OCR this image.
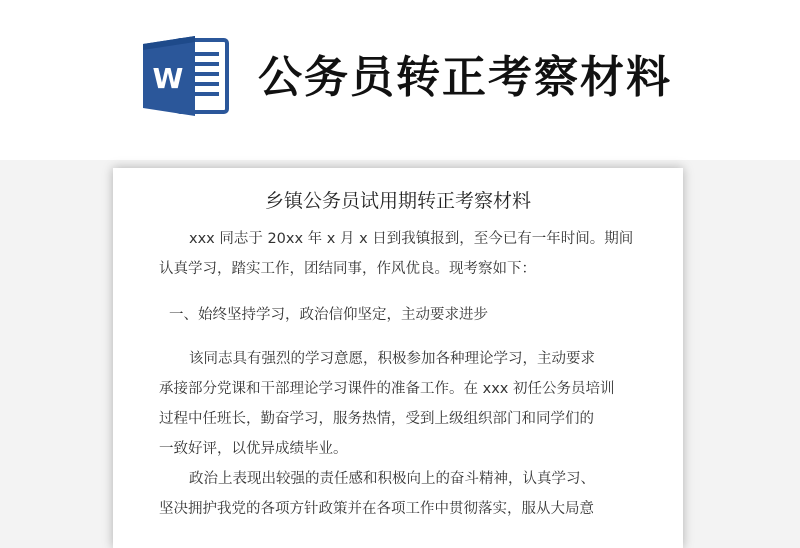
W 公务员转正考察材料
乡镇公务员试用期转正考察材料
xxx 同志于 20xx 年 x 月 x 日到我镇报到，至今已有一年时间。期间
认真学习，踏实工作，团结同事，作风优良。现考察如下：
一、始终坚持学习，政治信仰坚定，主动要求进步
该同志具有强烈的学习意愿，积极参加各种理论学习，主动要求
承接部分党课和干部理论学习课件的准备工作。在 xxx 初任公务员培训
过程中任班长，勤奋学习，服务热情，受到上级组织部门和同学们的
一致好评，以优异成绩毕业。
政治上表现出较强的责任感和积极向上的奋斗精神，认真学习、
坚决拥护我党的各项方针政策并在各项工作中贯彻落实，服从大局意
